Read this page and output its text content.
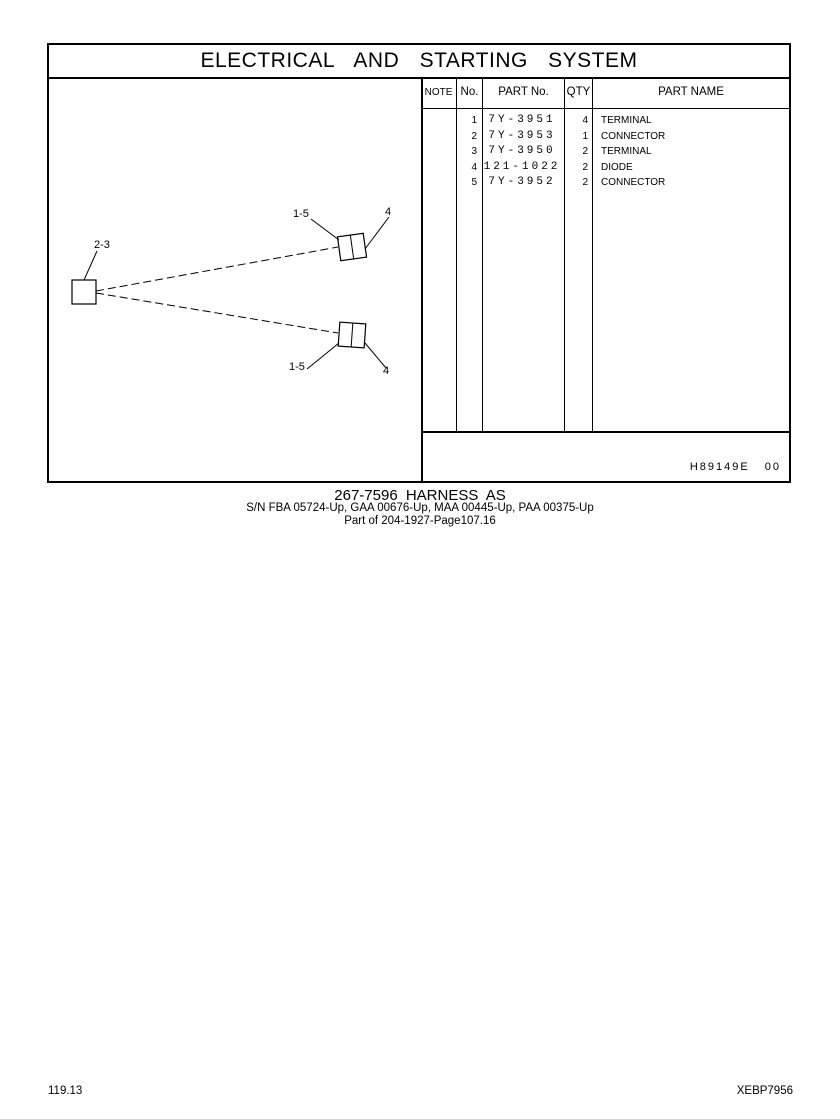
ELECTRICAL AND STARTING SYSTEM
2-3
1-5	4
1-5	4
NOTE No.	PART No.	QTY	PART NAME
1	7Y-3951	4 TERMINAL
2	7Y-3953	1 CONNECTOR
3	7Y-3950	2 TERMINAL
4 121-1022	2 DIODE
5	7Y-3952	2 CONNECTOR
H89149E 00
267-7596 HARNESS AS
S/N FBA 05724-Up, GAA 00676-Up, MAA 00445-Up, PAA 00375-Up
Part of 204-1927-Page107.16
119.13	XEBP7956
